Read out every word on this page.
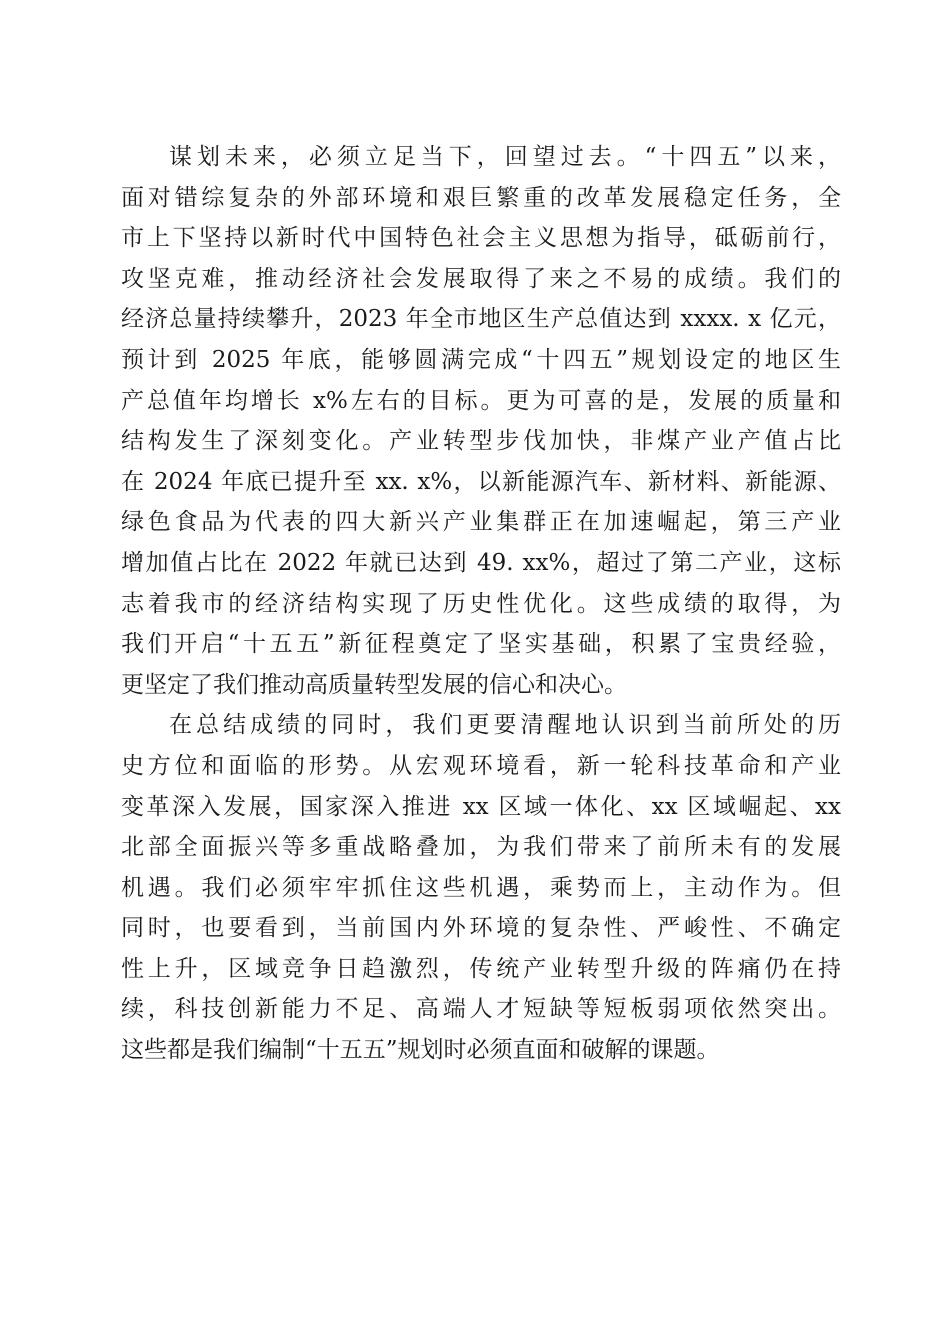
谋划未来，必须立足当下，回望过去。“十四五”以来，
面对错综复杂的外部环境和艰巨繁重的改革发展稳定任务，全
市上下坚持以新时代中国特色社会主义思想为指导，砥砺前行，
攻坚克难，推动经济社会发展取得了来之不易的成绩。我们的
经济总量持续攀升，2023 年全市地区生产总值达到 xxxx. x 亿元，
预计到 2025 年底，能够圆满完成“十四五”规划设定的地区生
产总值年均增长 x%左右的目标。更为可喜的是，发展的质量和
结构发生了深刻变化。产业转型步伐加快，非煤产业产值占比
在 2024 年底已提升至 xx. x%，以新能源汽车、新材料、新能源、
绿色食品为代表的四大新兴产业集群正在加速崛起，第三产业
增加值占比在 2022 年就已达到 49. xx%，超过了第二产业，这标
志着我市的经济结构实现了历史性优化。这些成绩的取得，为
我们开启“十五五”新征程奠定了坚实基础，积累了宝贵经验，
更坚定了我们推动高质量转型发展的信心和决心。
在总结成绩的同时，我们更要清醒地认识到当前所处的历
史方位和面临的形势。从宏观环境看，新一轮科技革命和产业
变革深入发展，国家深入推进 xx 区域一体化、xx 区域崛起、xx
北部全面振兴等多重战略叠加，为我们带来了前所未有的发展
机遇。我们必须牢牢抓住这些机遇，乘势而上，主动作为。但
同时，也要看到，当前国内外环境的复杂性、严峻性、不确定
性上升，区域竞争日趋激烈，传统产业转型升级的阵痛仍在持
续，科技创新能力不足、高端人才短缺等短板弱项依然突出。
这些都是我们编制“十五五”规划时必须直面和破解的课题。
